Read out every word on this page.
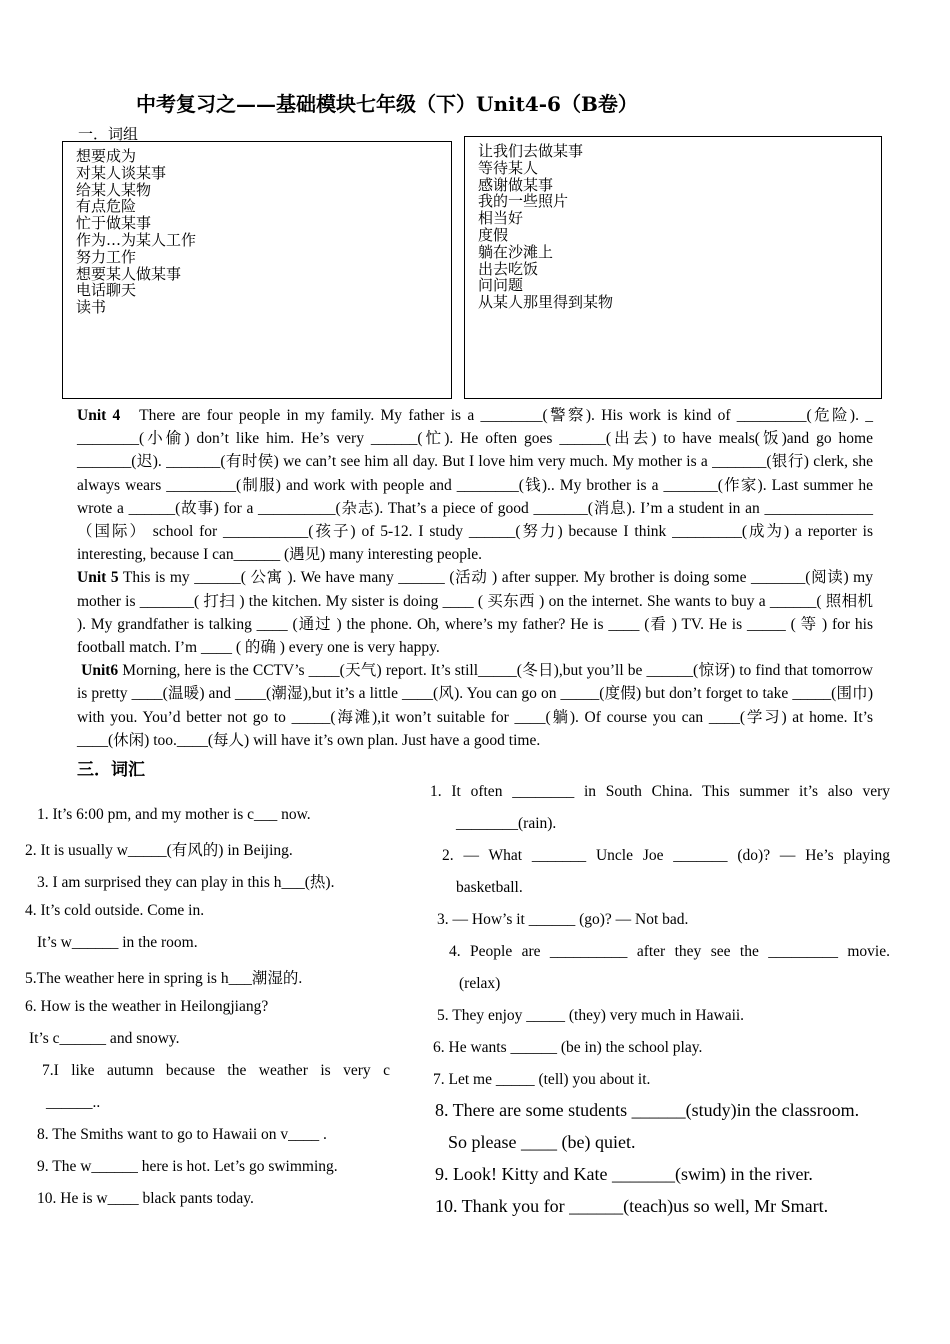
中考复习之——基础模块七年级（下）Unit4-6（B卷）
一．词组
想要成为
对某人谈某事
给某人某物
有点危险
忙于做某事
作为…为某人工作
努力工作
想要某人做某事
电话聊天
读书
让我们去做某事
等待某人
感谢做某事
我的一些照片
相当好
度假
躺在沙滩上
出去吃饭
问问题
从某人那里得到某物

Unit 4 There are four people in my family. My father is a ________(警察). His work is kind of _________(危险). _ ________(小偷) don’t like him. He’s very ______(忙). He often goes ______(出去) to have meals(饭)and go home _______(迟). _______(有时侯) we can’t see him all day. But I love him very much. My mother is a _______(银行) clerk, she always wears _________(制服) and work with people and ________(钱).. My brother is a _______(作家). Last summer he wrote a ______(故事) for a __________(杂志). That’s a piece of good _______(消息). I’m a student in an ______________（国际） school for ___________(孩子) of 5-12. I study ______(努力) because I think _________(成为) a reporter is interesting, because I can______ (遇见) many interesting people.

Unit 5 This is my ______( 公寓 ). We have many ______ (活动 ) after supper. My brother is doing some _______(阅读) my mother is _______( 打扫 ) the kitchen. My sister is doing ____ ( 买东西 ) on the internet. She wants to buy a ______( 照相机 ). My grandfather is talking ____ (通过 ) the phone. Oh, where’s my father? He is ____ (看 ) TV. He is _____ ( 等 ) for his football match. I’m ____ ( 的确 ) every one is very happy.

Unit6 Morning, here is the CCTV’s ____(天气) report. It’s still_____(冬日),but you’ll be ______(惊讶) to find that tomorrow is pretty ____(温暖) and ____(潮湿),but it’s a little ____(风). You can go on _____(度假) but don’t forget to take _____(围巾) with you. You’d better not go to _____(海滩),it won’t suitable for ____(躺). Of course you can ____(学习) at home. It’s ____(休闲) too.____(每人) will have it’s own plan. Just have a good time.

三．词汇
1. It’s 6:00 pm, and my mother is c___ now.
2. It is usually w_____(有风的) in Beijing.
3. I am surprised they can play in this h___(热).
4. It’s cold outside. Come in.
It’s w______ in the room.
5.The weather here in spring is h___潮湿的.
6. How is the weather in Heilongjiang?
It’s c______ and snowy.
7.I like autumn because the weather is very c
______..
8. The Smiths want to go to Hawaii on v____ .
9. The w______ here is hot. Let’s go swimming.
10. He is w____ black pants today.
1. It often ________ in South China. This summer it’s also very
________(rain).
2. — What _______ Uncle Joe _______ (do)? — He’s playing
basketball.
3. — How’s it ______ (go)? — Not bad.
4. People are __________ after they see the _________ movie.
(relax)
5. They enjoy _____ (they) very much in Hawaii.
6. He wants ______ (be in) the school play.
7. Let me _____ (tell) you about it.
8. There are some students ______(study)in the classroom.
So please ____ (be) quiet.
9. Look! Kitty and Kate _______(swim) in the river.
10. Thank you for ______(teach)us so well, Mr Smart.
